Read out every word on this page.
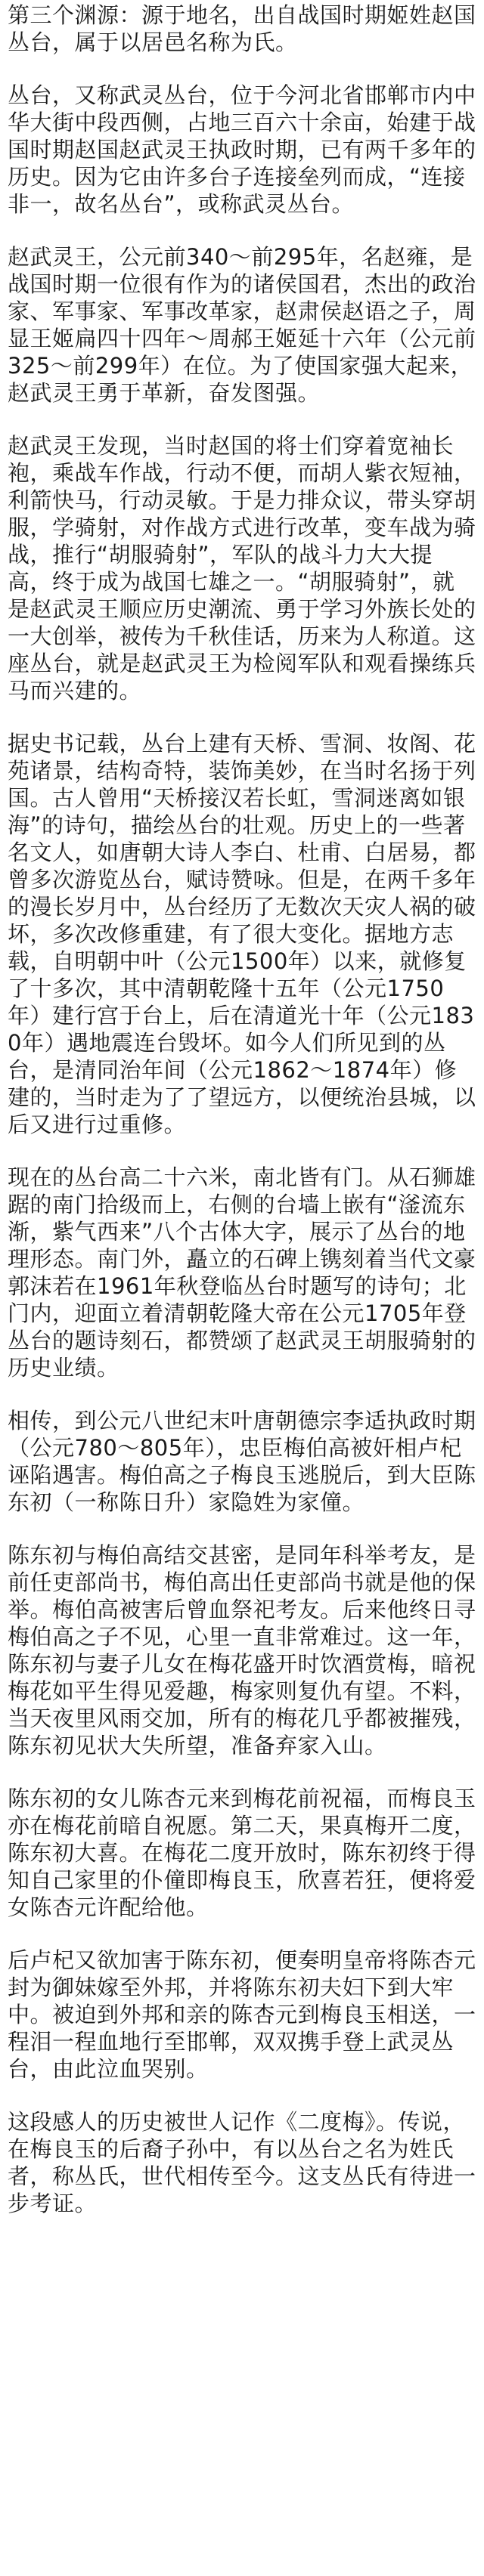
第三个渊源：源于地名，出自战国时期姬姓赵国丛台，属于以居邑名称为氏。

丛台，又称武灵丛台，位于今河北省邯郸市内中华大街中段西侧，占地三百六十余亩，始建于战国时期赵国赵武灵王执政时期，已有两千多年的历史。因为它由许多台子连接垒列而成，“连接非一，故名丛台”，或称武灵丛台。

赵武灵王，公元前340～前295年，名赵雍，是战国时期一位很有作为的诸侯国君，杰出的政治家、军事家、军事改革家，赵肃侯赵语之子，周显王姬扁四十四年～周郝王姬延十六年（公元前325～前299年）在位。为了使国家强大起来，赵武灵王勇于革新，奋发图强。

赵武灵王发现，当时赵国的将士们穿着宽袖长袍，乘战车作战，行动不便，而胡人紫衣短袖，利箭快马，行动灵敏。于是力排众议，带头穿胡服，学骑射，对作战方式进行改革，变车战为骑战，推行“胡服骑射”，军队的战斗力大大提高，终于成为战国七雄之一。“胡服骑射”，就是赵武灵王顺应历史潮流、勇于学习外族长处的一大创举，被传为千秋佳话，历来为人称道。这座丛台，就是赵武灵王为检阅军队和观看操练兵马而兴建的。

据史书记载，丛台上建有天桥、雪洞、妆阁、花苑诸景，结构奇特，装饰美妙，在当时名扬于列国。古人曾用“天桥接汉若长虹，雪洞迷离如银海”的诗句，描绘丛台的壮观。历史上的一些著名文人，如唐朝大诗人李白、杜甫、白居易，都曾多次游览丛台，赋诗赞咏。但是，在两千多年的漫长岁月中，丛台经历了无数次天灾人祸的破坏，多次改修重建，有了很大变化。据地方志载，自明朝中叶（公元1500年）以来，就修复了十多次，其中清朝乾隆十五年（公元1750年）建行宫于台上，后在清道光十年（公元1830年）遇地震连台毁坏。如今人们所见到的丛台，是清同治年间（公元1862～1874年）修建的，当时走为了了望远方，以便统治县城，以后又进行过重修。

现在的丛台高二十六米，南北皆有门。从石狮雄踞的南门拾级而上，右侧的台墙上嵌有“滏流东渐，紫气西来”八个古体大字，展示了丛台的地理形态。南门外，矗立的石碑上镌刻着当代文豪郭沫若在1961年秋登临丛台时题写的诗句；北门内，迎面立着清朝乾隆大帝在公元1705年登丛台的题诗刻石，都赞颂了赵武灵王胡服骑射的历史业绩。

相传，到公元八世纪末叶唐朝德宗李适执政时期（公元780～805年），忠臣梅伯高被奸相卢杞诬陷遇害。梅伯高之子梅良玉逃脱后，到大臣陈东初（一称陈日升）家隐姓为家僮。

陈东初与梅伯高结交甚密，是同年科举考友，是前任吏部尚书，梅伯高出任吏部尚书就是他的保举。梅伯高被害后曾血祭祀考友。后来他终日寻梅伯高之子不见，心里一直非常难过。这一年，陈东初与妻子儿女在梅花盛开时饮酒赏梅，暗祝梅花如平生得见爱趣，梅家则复仇有望。不料，当天夜里风雨交加，所有的梅花几乎都被摧残，陈东初见状大失所望，准备弃家入山。

陈东初的女儿陈杏元来到梅花前祝福，而梅良玉亦在梅花前暗自祝愿。第二天，果真梅开二度，陈东初大喜。在梅花二度开放时，陈东初终于得知自己家里的仆僮即梅良玉，欣喜若狂，便将爱女陈杏元许配给他。

后卢杞又欲加害于陈东初，便奏明皇帝将陈杏元封为御妹嫁至外邦，并将陈东初夫妇下到大牢中。被迫到外邦和亲的陈杏元到梅良玉相送，一程泪一程血地行至邯郸，双双携手登上武灵丛台，由此泣血哭别。

这段感人的历史被世人记作《二度梅》。传说，在梅良玉的后裔子孙中，有以丛台之名为姓氏者，称丛氏，世代相传至今。这支丛氏有待进一步考证。
